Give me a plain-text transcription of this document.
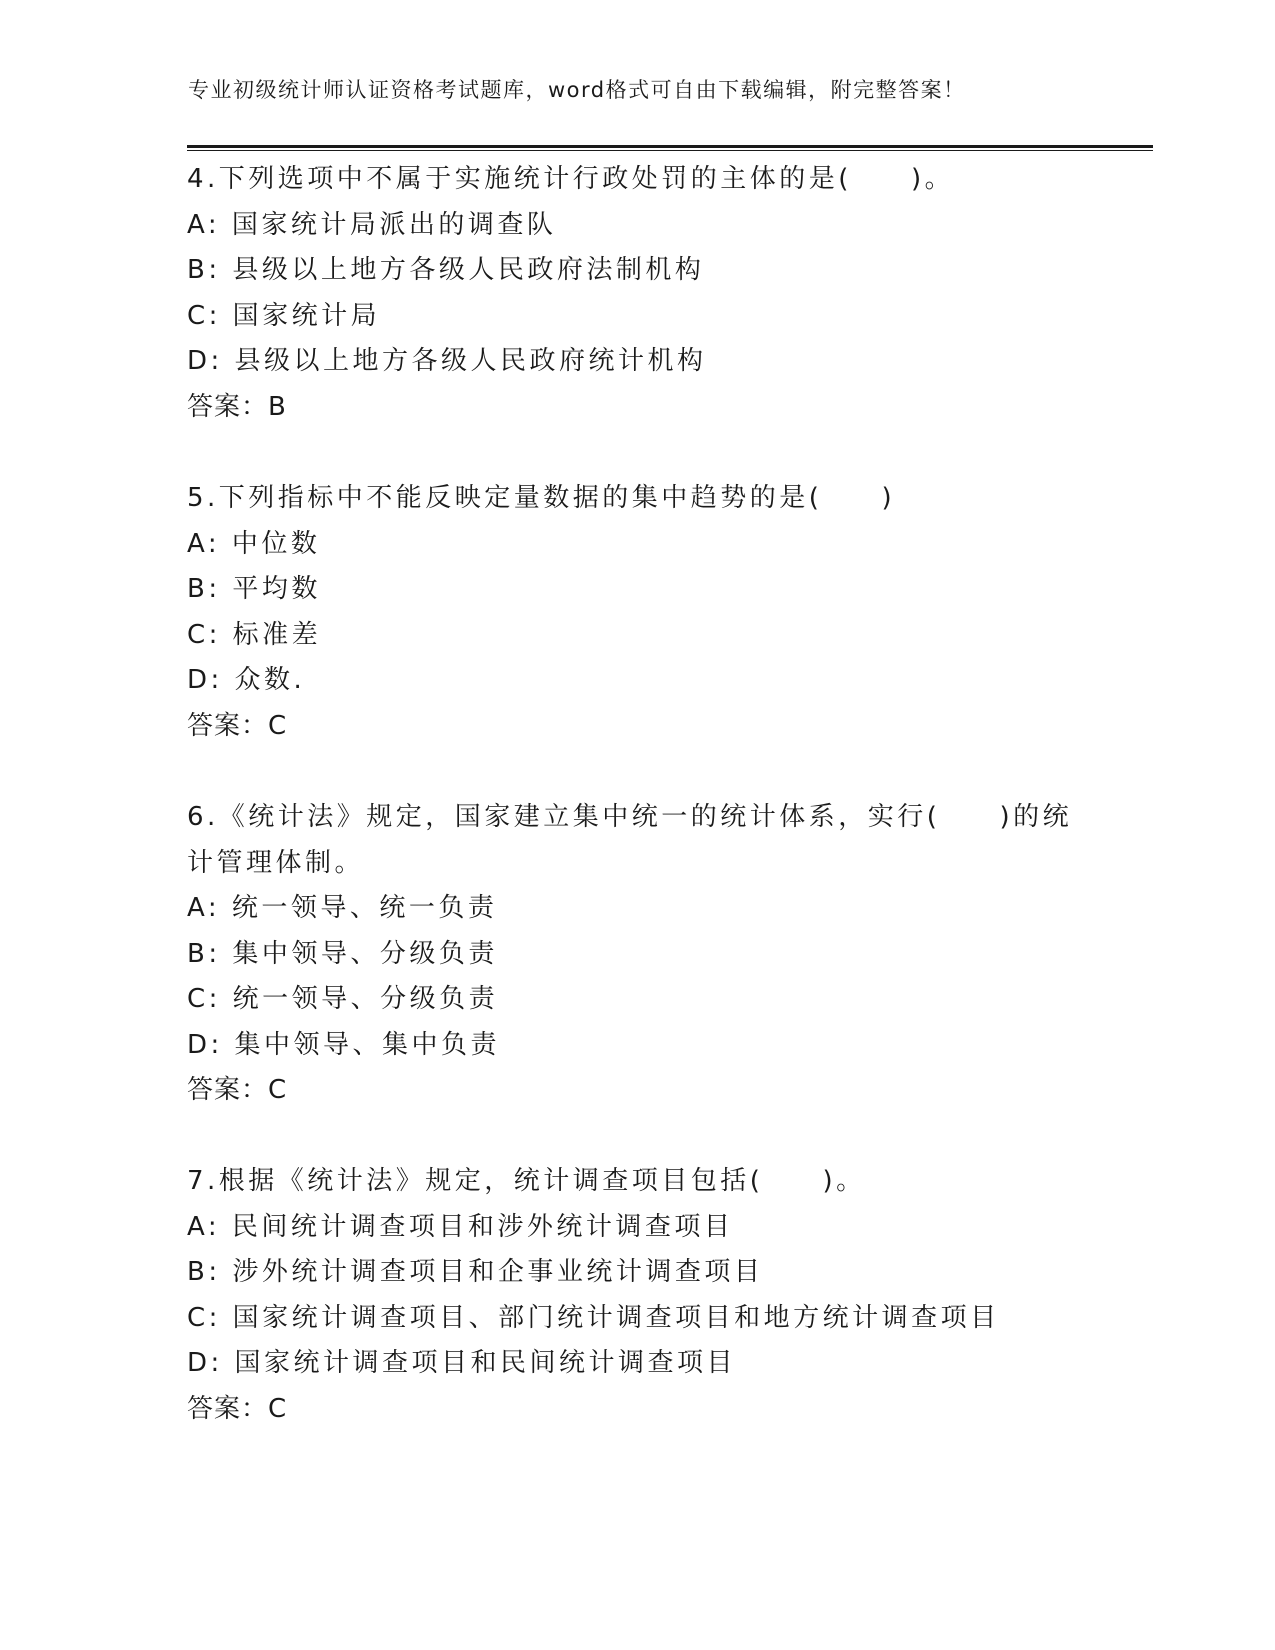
专业初级统计师认证资格考试题库，word格式可自由下载编辑，附完整答案！
4.下列选项中不属于实施统计行政处罚的主体的是(　　)。
A: 国家统计局派出的调查队
B: 县级以上地方各级人民政府法制机构
C: 国家统计局
D: 县级以上地方各级人民政府统计机构
答案：B
5.下列指标中不能反映定量数据的集中趋势的是(　　)
A: 中位数
B: 平均数
C: 标准差
D: 众数.
答案：C
6.《统计法》规定，国家建立集中统一的统计体系，实行(　　)的统
计管理体制。
A: 统一领导、统一负责
B: 集中领导、分级负责
C: 统一领导、分级负责
D: 集中领导、集中负责
答案：C
7.根据《统计法》规定，统计调查项目包括(　　)。
A: 民间统计调查项目和涉外统计调查项目
B: 涉外统计调查项目和企事业统计调查项目
C: 国家统计调查项目、部门统计调查项目和地方统计调查项目
D: 国家统计调查项目和民间统计调查项目
答案：C
